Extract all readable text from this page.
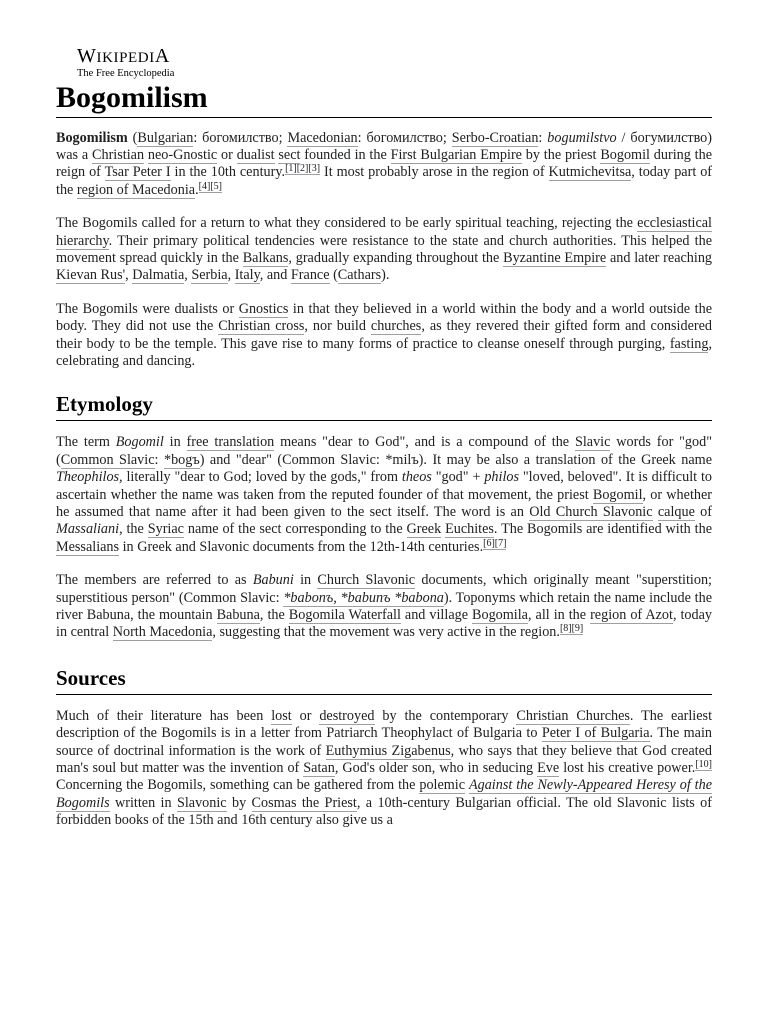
WIKIPEDIA
The Free Encyclopedia
Bogomilism

Bogomilism (Bulgarian: богомилство; Macedonian: богомилство; Serbo-Croatian: bogumilstvo / богумилство) was a Christian neo-Gnostic or dualist sect founded in the First Bulgarian Empire by the priest Bogomil during the reign of Tsar Peter I in the 10th century.[1][2][3] It most probably arose in the region of Kutmichevitsa, today part of the region of Macedonia.[4][5]

The Bogomils called for a return to what they considered to be early spiritual teaching, rejecting the ecclesiastical hierarchy. Their primary political tendencies were resistance to the state and church authorities. This helped the movement spread quickly in the Balkans, gradually expanding throughout the Byzantine Empire and later reaching Kievan Rus', Dalmatia, Serbia, Italy, and France (Cathars).

The Bogomils were dualists or Gnostics in that they believed in a world within the body and a world outside the body. They did not use the Christian cross, nor build churches, as they revered their gifted form and considered their body to be the temple. This gave rise to many forms of practice to cleanse oneself through purging, fasting, celebrating and dancing.

Etymology

The term Bogomil in free translation means "dear to God", and is a compound of the Slavic words for "god" (Common Slavic: *bogъ) and "dear" (Common Slavic: *milъ). It may be also a translation of the Greek name Theophilos, literally "dear to God; loved by the gods," from theos "god" + philos "loved, beloved". It is difficult to ascertain whether the name was taken from the reputed founder of that movement, the priest Bogomil, or whether he assumed that name after it had been given to the sect itself. The word is an Old Church Slavonic calque of Massaliani, the Syriac name of the sect corresponding to the Greek Euchites. The Bogomils are identified with the Messalians in Greek and Slavonic documents from the 12th-14th centuries.[6][7]

The members are referred to as Babuni in Church Slavonic documents, which originally meant "superstition; superstitious person" (Common Slavic: *babonъ, *babunъ *babona). Toponyms which retain the name include the river Babuna, the mountain Babuna, the Bogomila Waterfall and village Bogomila, all in the region of Azot, today in central North Macedonia, suggesting that the movement was very active in the region.[8][9]

Sources

Much of their literature has been lost or destroyed by the contemporary Christian Churches. The earliest description of the Bogomils is in a letter from Patriarch Theophylact of Bulgaria to Peter I of Bulgaria. The main source of doctrinal information is the work of Euthymius Zigabenus, who says that they believe that God created man's soul but matter was the invention of Satan, God's older son, who in seducing Eve lost his creative power.[10] Concerning the Bogomils, something can be gathered from the polemic Against the Newly-Appeared Heresy of the Bogomils written in Slavonic by Cosmas the Priest, a 10th-century Bulgarian official. The old Slavonic lists of forbidden books of the 15th and 16th century also give us a
